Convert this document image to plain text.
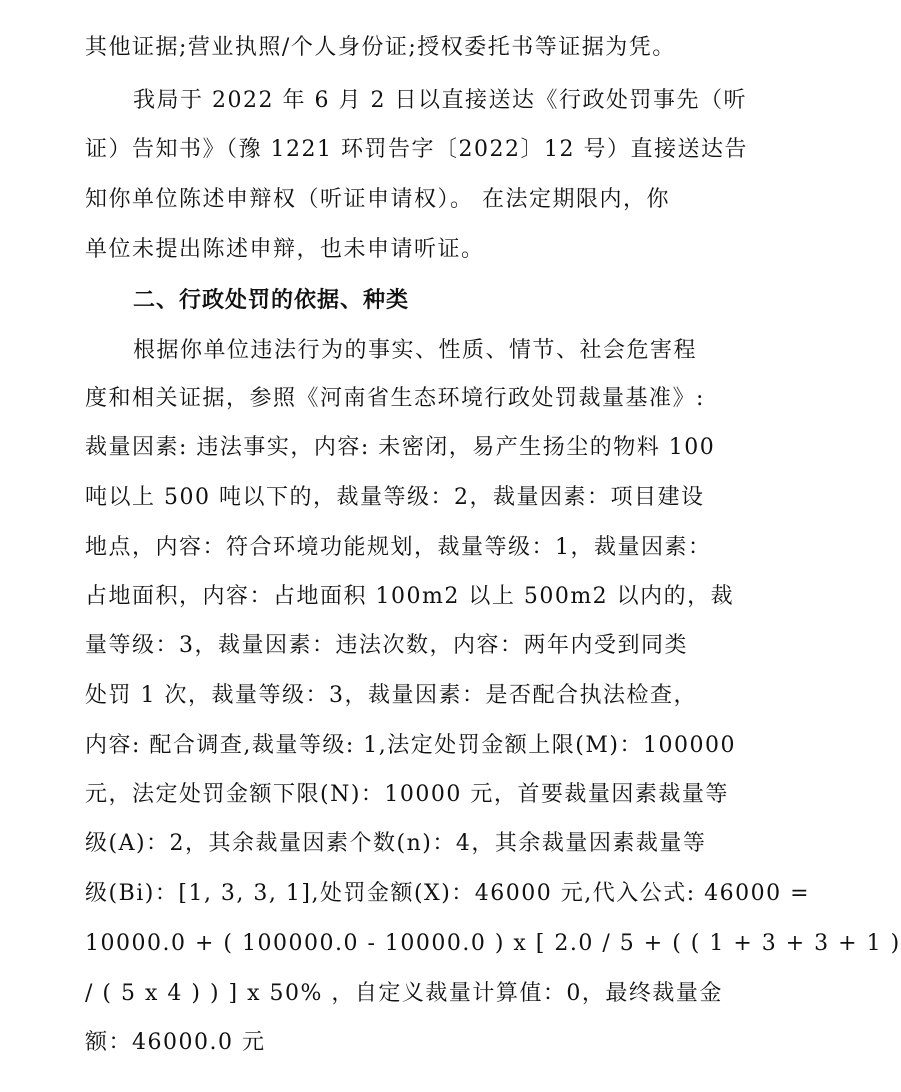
其他证据;营业执照/个人身份证;授权委托书等证据为凭。
我局于 2022 年 6 月 2 日以直接送达《行政处罚事先（听
证）告知书》（豫 1221 环罚告字〔2022〕12 号）直接送达告
知你单位陈述申辩权（听证申请权）。 在法定期限内，你
单位未提出陈述申辩，也未申请听证。
二、行政处罚的依据、种类
根据你单位违法行为的事实、性质、情节、社会危害程
度和相关证据，参照《河南省生态环境行政处罚裁量基准》:
裁量因素: 违法事实，内容: 未密闭，易产生扬尘的物料 100
吨以上 500 吨以下的，裁量等级：2，裁量因素：项目建设
地点，内容：符合环境功能规划，裁量等级：1，裁量因素：
占地面积，内容：占地面积 100m2 以上 500m2 以内的，裁
量等级：3，裁量因素：违法次数，内容：两年内受到同类
处罚 1 次，裁量等级：3，裁量因素：是否配合执法检查，
内容: 配合调查,裁量等级: 1,法定处罚金额上限(M)：100000
元，法定处罚金额下限(N)：10000 元，首要裁量因素裁量等
级(A)：2，其余裁量因素个数(n)：4，其余裁量因素裁量等
级(Bi)：[1, 3, 3, 1],处罚金额(X)：46000 元,代入公式: 46000 =
10000.0 + ( 100000.0 - 10000.0 ) x [ 2.0 / 5 + ( ( 1 + 3 + 3 + 1 )
/ ( 5 x 4 ) ) ] x 50% ，自定义裁量计算值：0，最终裁量金
额：46000.0 元
